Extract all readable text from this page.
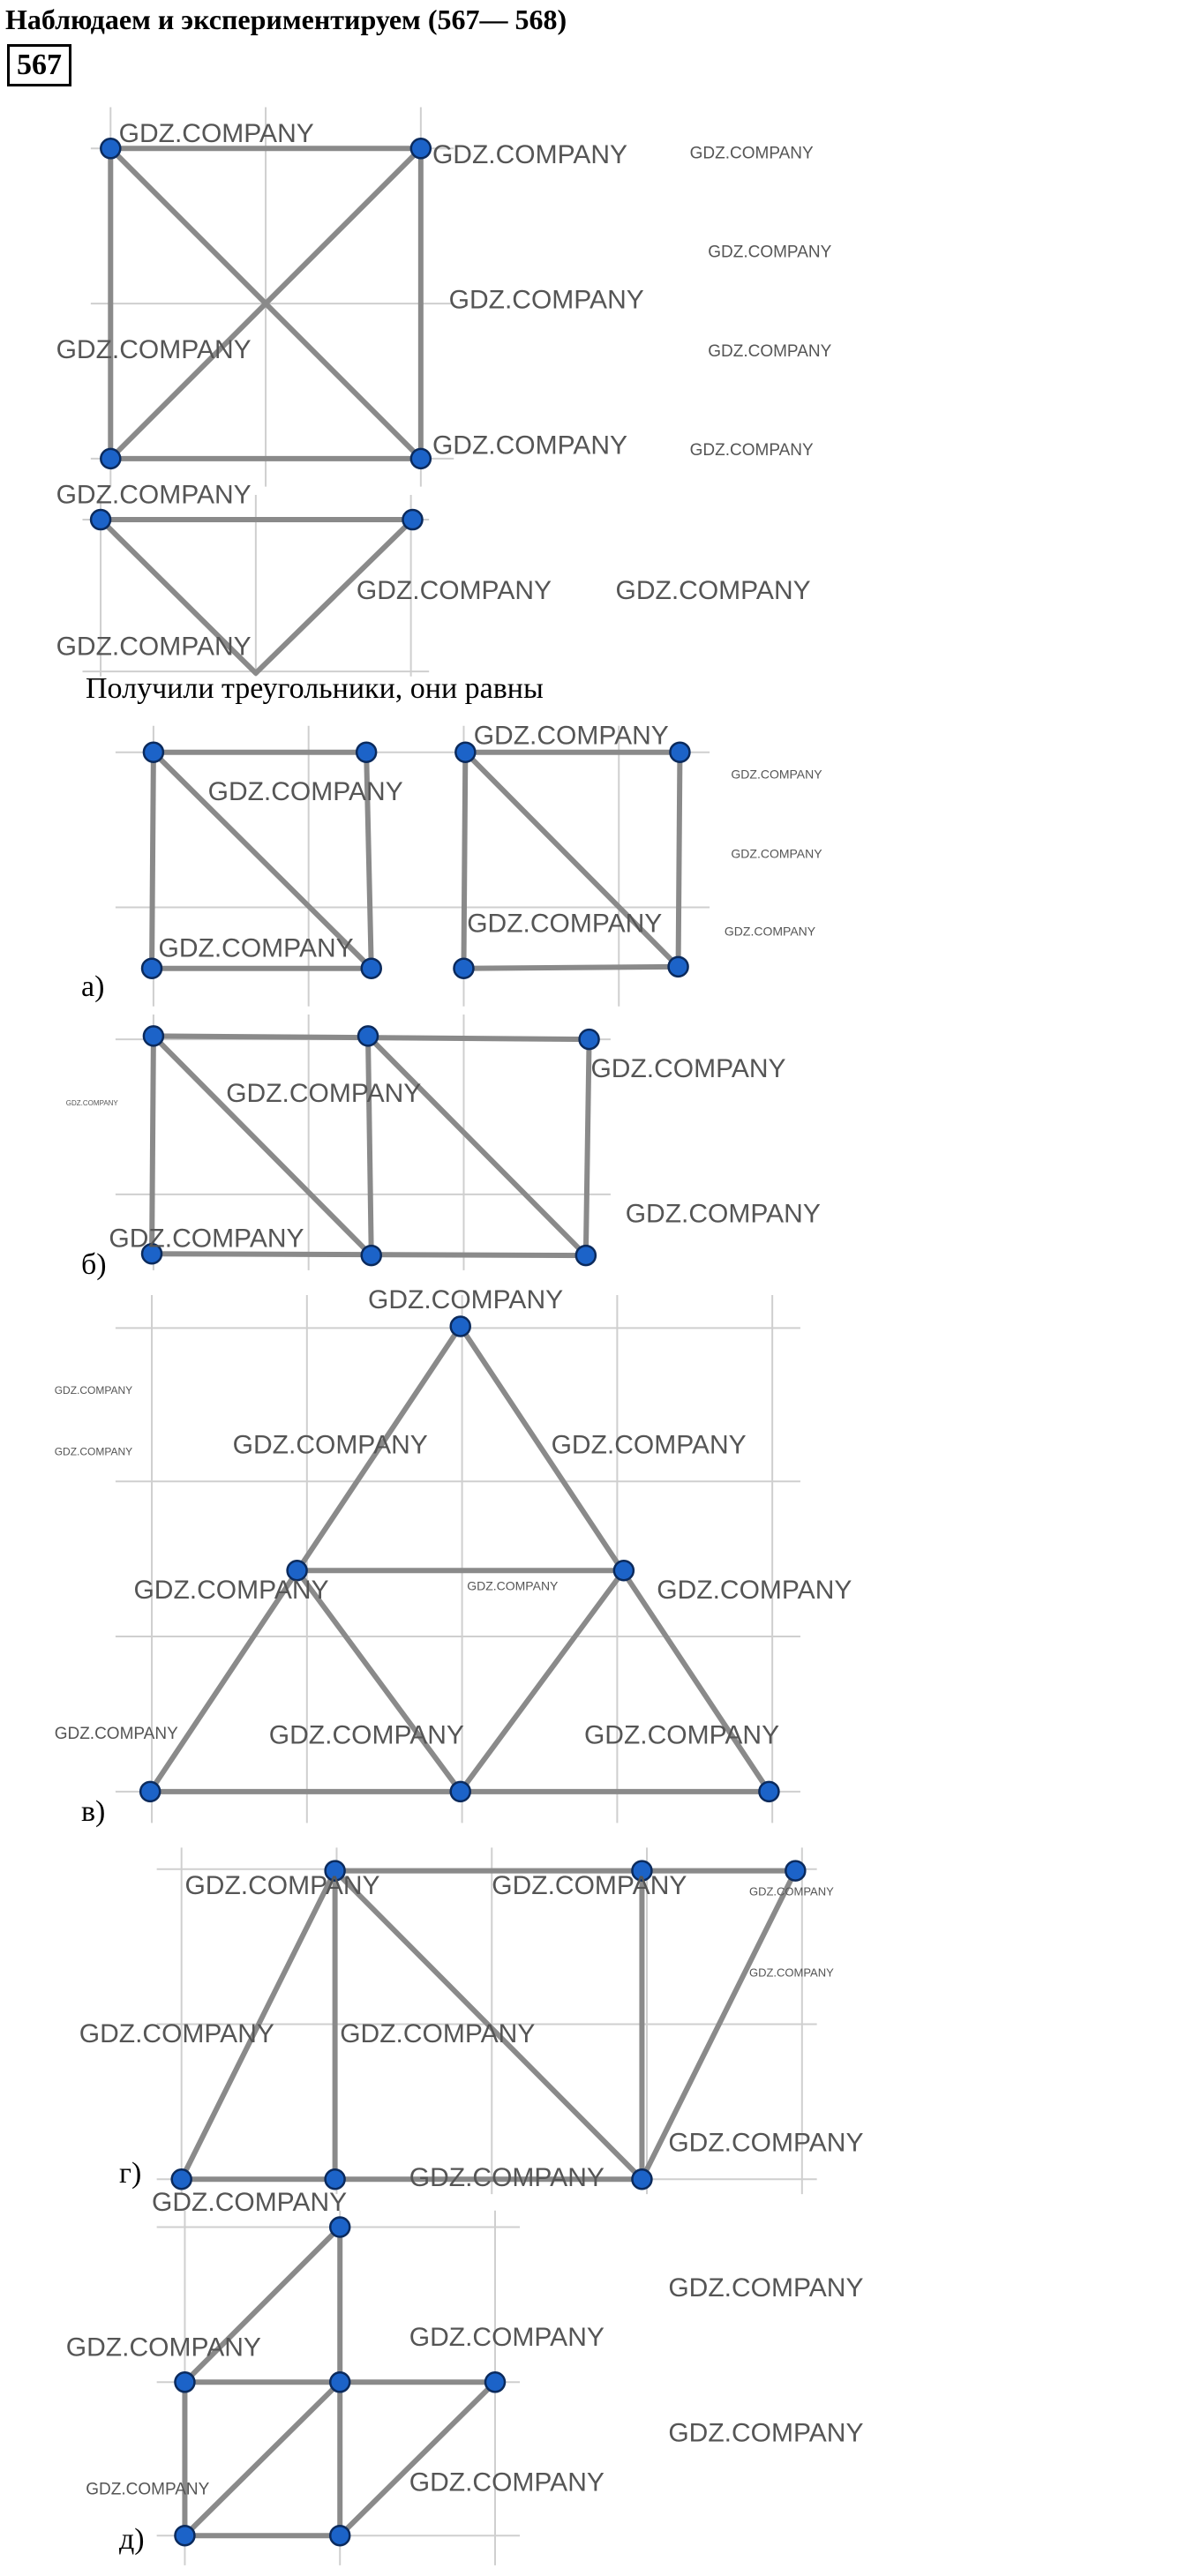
Наблюдаем и экспериментируем (567— 568)
567
Получили треугольники, они равны
а)
б)
в)
г)
д)
GDZ.COMPANY
GDZ.COMPANY	GDZ.COMPANY
GDZ.COMPANY
GDZ.COMPANY
GDZ.COMPANY
GDZ.COMPANY
GDZ.COMPANY	GDZ.COMPANY
GDZ.COMPANY
GDZ.COMPANY GDZ.COMPANY
GDZ.COMPANY
GDZ.COMPANY
GDZ.COMPANY
GDZ.COMPANY
GDZ.COMPANY
GDZ.COMPANY	GDZ.COMPANY
GDZ.COMPANY
GDZ.COMPANY
GDZ.COMPANY
GDZ.COMPANY
GDZ.COMPANY
GDZ.COMPANY
GDZ.COMPANY
GDZ.COMPANY
GDZ.COMPANY	GDZ.COMPANY	GDZ.COMPANY
GDZ.COMPANY	GDZ.COMPANY	GDZ.COMPANY
GDZ.COMPANY	GDZ.COMPANY	GDZ.COMPANY
GDZ.COMPANY	GDZ.COMPANY	GDZ.COMPANY
GDZ.COMPANY
GDZ.COMPANY GDZ.COMPANY
GDZ.COMPANY
GDZ.COMPANY
GDZ.COMPANY
GDZ.COMPANY
GDZ.COMPANY	GDZ.COMPANY
GDZ.COMPANY
GDZ.COMPANY	GDZ.COMPANY
